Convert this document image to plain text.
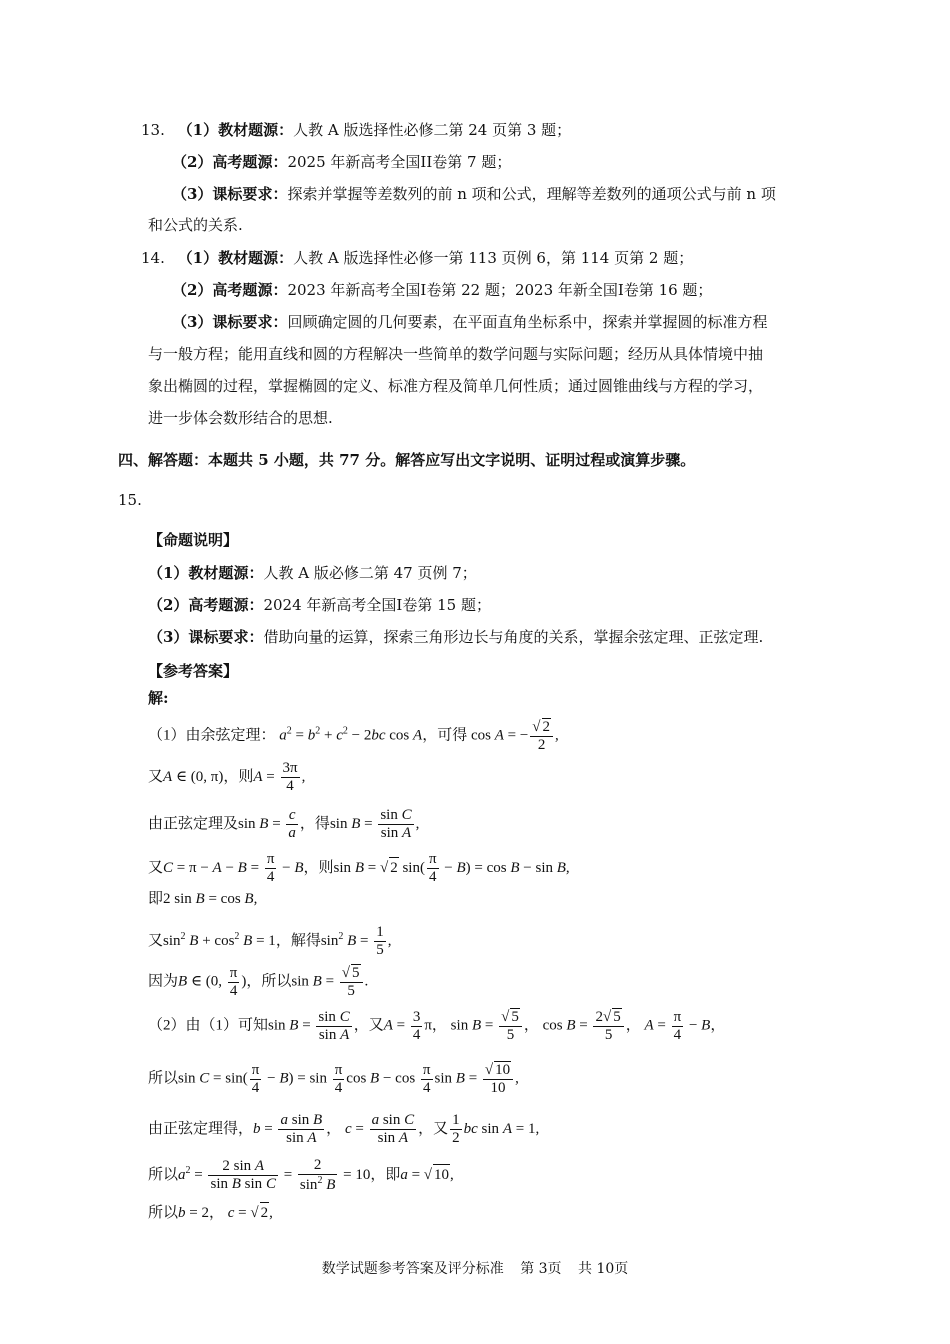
13. （1）教材题源：人教 A 版选择性必修二第 24 页第 3 题；
（2）高考题源：2025 年新高考全国II卷第 7 题；
（3）课标要求：探索并掌握等差数列的前 n 项和公式，理解等差数列的通项公式与前 n 项
和公式的关系.
14. （1）教材题源：人教 A 版选择性必修一第 113 页例 6，第 114 页第 2 题；
（2）高考题源：2023 年新高考全国I卷第 22 题；2023 年新全国I卷第 16 题；
（3）课标要求：回顾确定圆的几何要素，在平面直角坐标系中，探索并掌握圆的标准方程
与一般方程；能用直线和圆的方程解决一些简单的数学问题与实际问题；经历从具体情境中抽
象出椭圆的过程，掌握椭圆的定义、标准方程及简单几何性质；通过圆锥曲线与方程的学习，
进一步体会数形结合的思想.
四、解答题：本题共 5 小题，共 77 分。解答应写出文字说明、证明过程或演算步骤。
15.
【命题说明】
（1）教材题源：人教 A 版必修二第 47 页例 7；
（2）高考题源：2024 年新高考全国I卷第 15 题；
（3）课标要求：借助向量的运算，探索三角形边长与角度的关系，掌握余弦定理、正弦定理.
【参考答案】
解:
（1）由余弦定理： $a^2 = b^2 + c^2 - 2bc$ cos A，可得 cos A = − $\frac{√ 2}{2}$ ,
又A ∈ (0, π)，则$A = \frac{3\pi}{4}$ ,
由正弦定理及$\sin B = \frac{c}{a}$ ，得$\sin B = \frac{\text{sin C}}{\text{sin A}}$ ,
又$C = \pi - A - B = \frac{\pi}{4} - B$，则sin B = √ 2 $\sin( \frac{\pi}{4} - B) = \cos B - \sin B$,
即2 sin B = cos B,
又$\sin^2 B + \cos^2 B = 1$，解得$\sin^2 B = \frac{1}{5}$ ,
因为B ∈ (0, $\frac{\pi}{4}$ )，所以$\sin B = \frac{√ 5}{5}$ .
（2）由（1）可知$\sin B = \frac{\text{sin C}}{\text{sin A}}$ ，又$A = \frac{3}{4}$ π， $\sin B = \frac{√ 5}{5}$ ， $\cos B = \frac{2√ 5}{5}$ ， $A = \frac{\pi}{4} - B$，
所以$\sin C = \sin( \frac{\pi}{4} - B) = \sin \frac{\pi}{4}$ $\cos B - \cos \frac{\pi}{4}$ $\sin B = \frac{√ 10}{10}$ ,
由正弦定理得，$b = \frac{\text{a sin B}}{\text{sin A}}$ ， $c = \frac{\text{a sin C}}{\text{sin A}}$ ，又 $\frac{1}{2}$ bc sin A = 1,
所以$a^2 = \frac{\text{2 sin A}}{\text{sin B sin C}} = \frac{2}{\sin^2 B} = 10$，即a = √ 10,
所以b = 2， c = √ 2,
数学试题参考答案及评分标准 第 3页 共 10页
